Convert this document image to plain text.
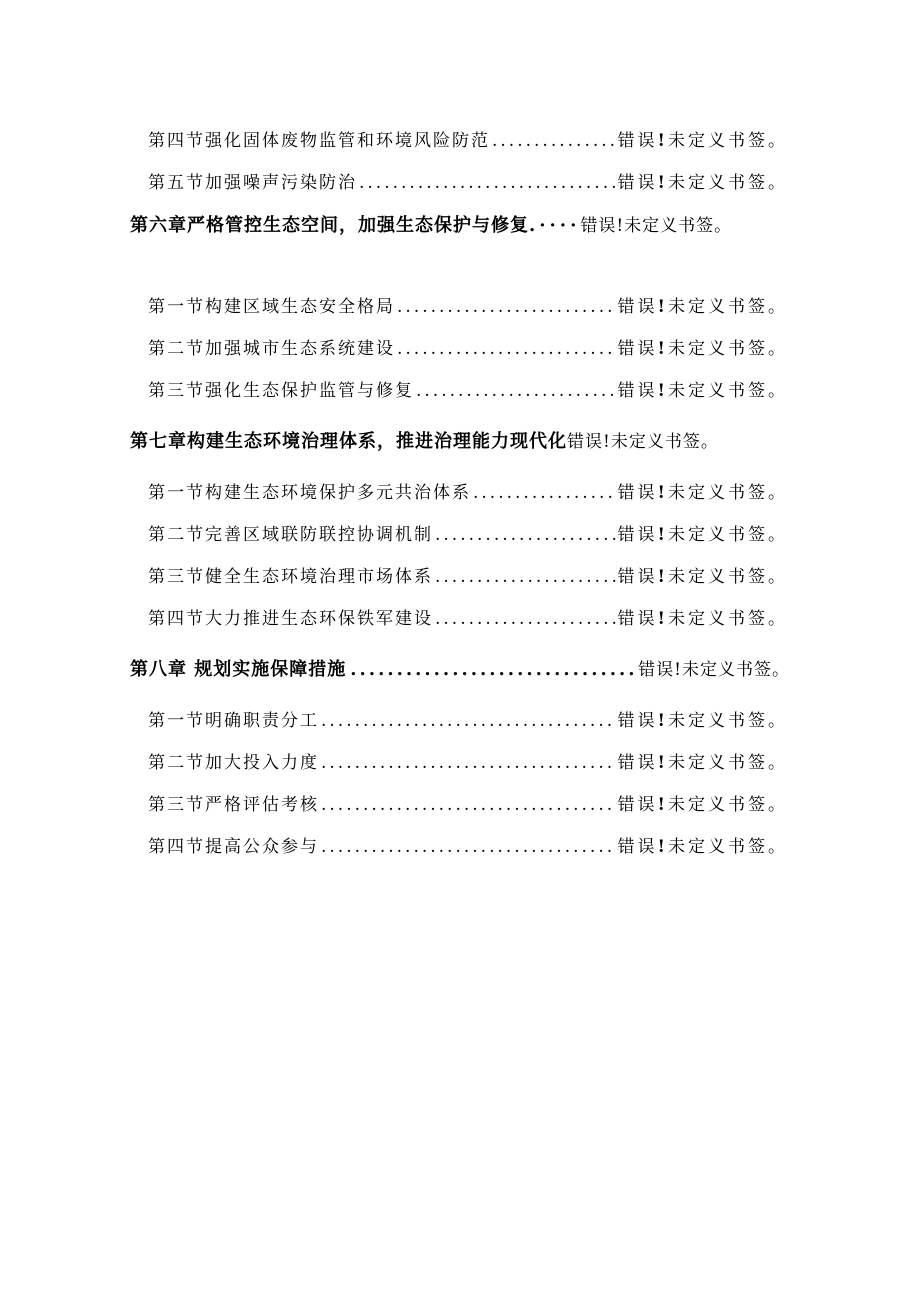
第四节强化固体废物监管和环境风险防范 .....	错误!未定义书签。
第五节加强噪声污染防治 .....	错误!未定义书签。
第六章严格管控生态空间，加强生态保护与修复.····错误!未定义书签。
第一节构建区域生态安全格局 .....	错误!未定义书签。
第二节加强城市生态系统建设 .....	错误!未定义书签。
第三节强化生态保护监管与修复 .....	错误!未定义书签。
第七章构建生态环境治理体系，推进治理能力现代化 错误!未定义书签。
第一节构建生态环境保护多元共治体系 .....	错误!未定义书签。
第二节完善区域联防联控协调机制 .....	错误!未定义书签。
第三节健全生态环境治理市场体系 .....	错误!未定义书签。
第四节大力推进生态环保铁军建设 .....	错误!未定义书签。
第八章 规划实施保障措施 .....	错误!未定义书签。
第一节明确职责分工 .....	错误!未定义书签。
第二节加大投入力度 .....	错误!未定义书签。
第三节严格评估考核 .....	错误!未定义书签。
第四节提高公众参与 .....	错误!未定义书签。
